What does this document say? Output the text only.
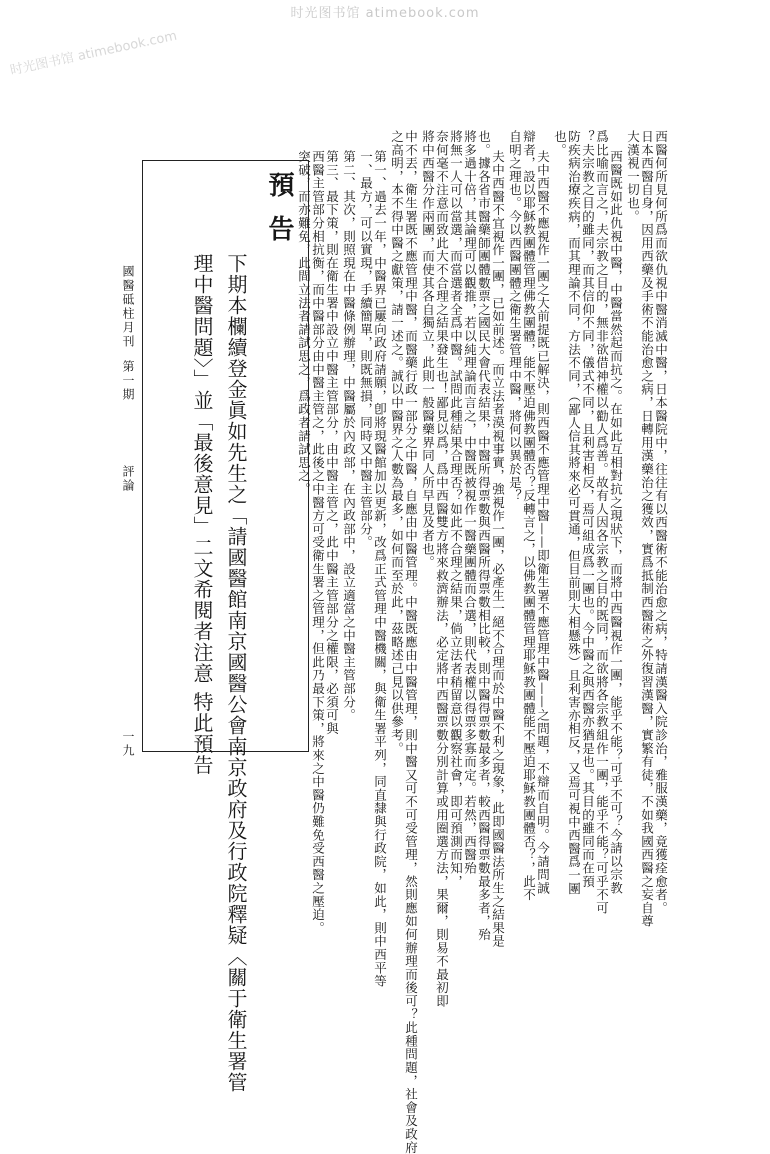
时光图书馆 atimebook.com
时光图书馆 atimebook.com
國醫砥柱月刊
第一期
評論
一九	西醫何所見何所爲而欲仇視中醫消滅中醫，日本醫院中，往往有以西醫術不能治愈之病，特請漢醫入院診治，雅服漢藥，竟獲痊愈者。
日本西醫自身，因用西藥及手術不能治愈之病，日轉用漢藥治之獲效，實爲抵制西醫術之外復習漢醫，實繁有徒，不如我國西醫之妄自尊
大漢視一切也。
西醫既如此仇視中醫，中醫當然起而抗之。在如此互相對抗之現狀下，而將中西醫視作一團，能乎不能？可乎不可？今請以宗教
爲比喻而言之，夫宗教之目的，無非欲借神權以勸人爲善。故有人因各宗教之目的既同，而欲將各宗教組作一團，能乎不能？可乎不可
？夫宗教之目的雖同，而其信仰不同，儀式不同，且利害相反，焉可組成爲一團也。今中醫之與西醫亦猶是也。其目的雖同而在預
防疾病治療疾病，而其理論不同，方法不同，（鄙人信其將來必可貫通，但目前則大相懸殊）且利害亦相反，又焉可視中西醫爲一團
也。
夫中西醫不應視作一團之大前提既已解決，則西醫不應管理中醫——即衛生署不應管理中醫——之問題，不辯而自明。今請問誠
辯者，設以耶穌教團體管理佛教團體，能不壓迫佛教團體否？反轉言之，以佛教團體管理耶穌教團體能不壓迫耶穌教團體否？，此不
自明之理也。今以西醫團體之衛生署管理中醫，將何以異於是？
夫中西醫不宜視作一團，已如前述。而立法者漠視事實，強視作一團，必產生一絕不合理而於中醫不利之現象，此即國醫法所生之結果是
也。據各省市醫藥師團體數票之國民大會代表結果，中醫所得票數與西醫所得票數相比較，則中醫得票數最多者，較西醫得票數最多者，殆
將多過十倍，其論理可以觀推，若以純理論而言之，中醫既被視作一醫藥團體而合選，則代表權以得票多寡而定。若然，西醫殆
將無一人可以當選，而當選者全爲中醫。試問此種結果合理否？如此不合理之結果，倘立法者稍留意以觀察社會，即可預測而知，
奈何毫不注意而致此大不合理之結果發生也！鄙見以爲，爲中西醫雙方將來救濟辦法，必定將中西醫票數分別計算或用圈選方法，果爾，則易不最初即
將中西醫分作兩團，而使其各自獨立，此則一般醫藥界同人所早見及者也。
中不丟，衛生署既不應管理中醫，而醫藥行政一部分之中醫，自應由中醫管理。中醫既應由中醫管理，則中醫又可不可受管理，然則應如何辦理而後可？此種問題，社會及政府
之高明，本不得中醫之獻策，請一述之。誠以中醫界之人數為最多，如何而至於此，茲略述己見以供參考。
第一、過去一年，中醫界已屢向政府請願，卽將現醫館加以更新，改爲正式管理中醫機關，與衛生署平列，同直隸與行政院，如此，則中西平等
一、最方，可以實現，手續簡單，則既無損，同時又中醫主管部分。
第二、其次，則照現在中醫條例辦理，中醫屬於內政部，在內政部中，設立適當之中醫主管部分。
第三、最下策，則在衛生署中設立中醫主管部分，由中醫主管之，此中醫主管部分之權限，必須可與
西醫主管部分相抗衡，而中醫部分由中醫主管之，此後之中醫方可受衛生署之管理，但此乃最下策，將來之中醫仍難免受西醫之壓迫。
突破，而亦難免，此間立法者請試思之，爲政者請試思之。
預告
下期本欄續登金眞如先生之「請國醫館南京國醫公會南京政府及行政院釋疑〈關于衛生署管
理中醫問題〉」並「最後意見」二文希閱者注意 特此預告
